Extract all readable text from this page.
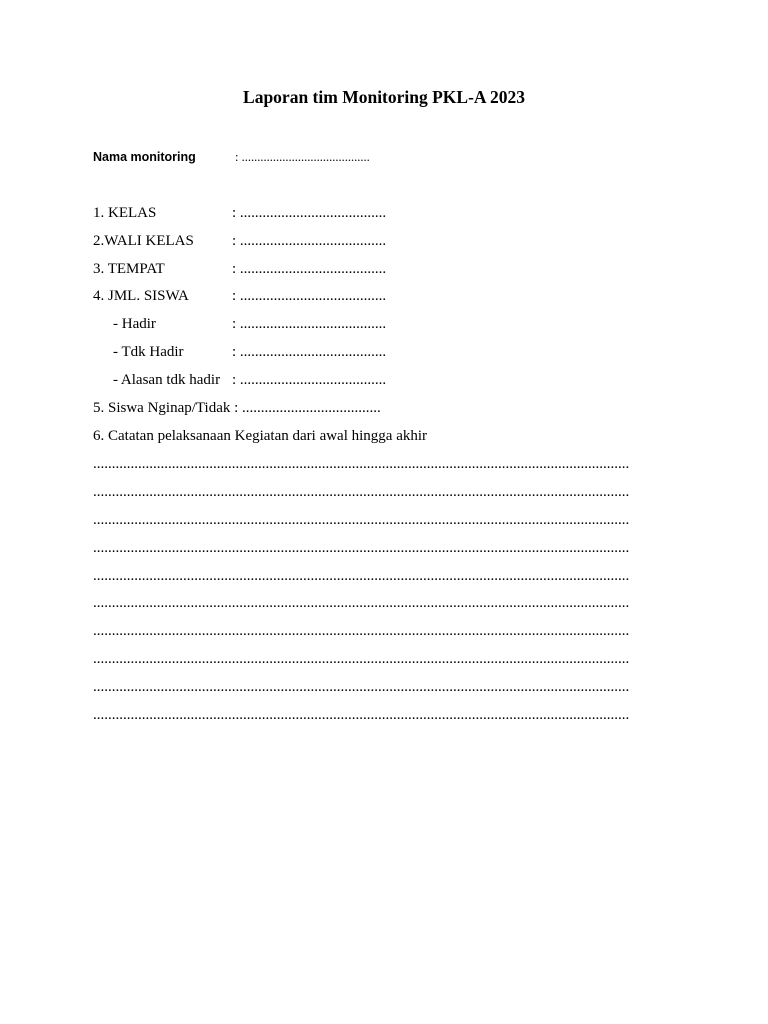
Laporan tim Monitoring PKL-A 2023
Nama monitoring	: .........................................
1. KELAS	: .......................................
2.WALI KELAS	: .......................................
3. TEMPAT	: .......................................
4. JML. SISWA	: .......................................
- Hadir	: .......................................
- Tdk Hadir	: .......................................
- Alasan tdk hadir : .......................................
5. Siswa Nginap/Tidak : .....................................
6. Catatan pelaksanaan Kegiatan dari awal hingga akhir
...............................................................................................................................................
...............................................................................................................................................
...............................................................................................................................................
...............................................................................................................................................
...............................................................................................................................................
...............................................................................................................................................
...............................................................................................................................................
...............................................................................................................................................
...............................................................................................................................................
...............................................................................................................................................
